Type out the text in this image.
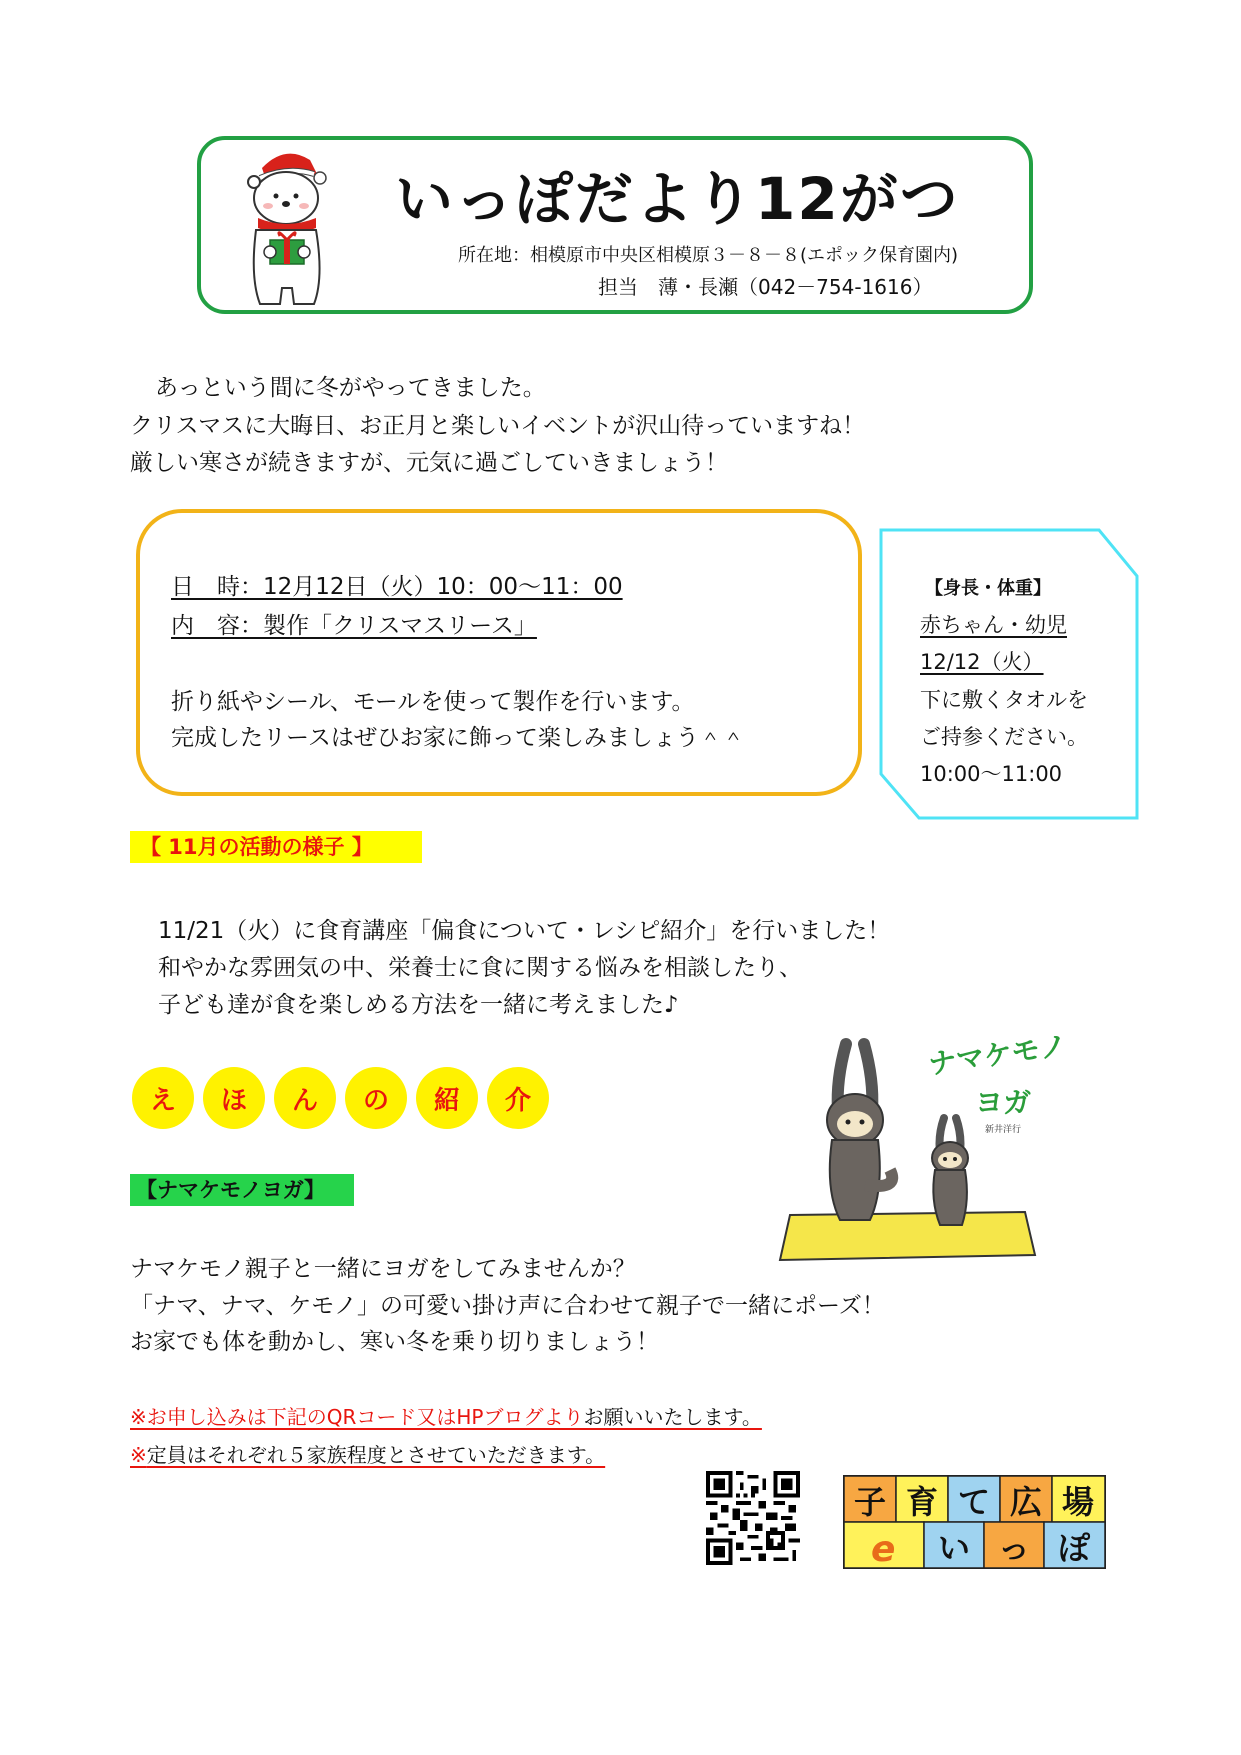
いっぽだより12がつ
所在地：相模原市中央区相模原３－８－８(エポック保育園内)
担当　薄・長瀬（042－754-1616）
あっという間に冬がやってきました。
クリスマスに大晦日、お正月と楽しいイベントが沢山待っていますね！
厳しい寒さが続きますが、元気に過ごしていきましょう！
日　時：12月12日（火）10：00～11：00
内　容：製作「クリスマスリース」
折り紙やシール、モールを使って製作を行います。
完成したリースはぜひお家に飾って楽しみましょう＾＾
【身長・体重】
赤ちゃん・幼児
12/12（火）
下に敷くタオルを
ご持参ください。
10:00～11:00
【 11月の活動の様子 】
11/21（火）に食育講座「偏食について・レシピ紹介」を行いました！
和やかな雰囲気の中、栄養士に食に関する悩みを相談したり、
子ども達が食を楽しめる方法を一緒に考えました♪
え	ほ	ん	の	紹	介
ナマケモノ
ヨガ
新井洋行
【ナマケモノヨガ】
ナマケモノ親子と一緒にヨガをしてみませんか？
「ナマ、ナマ、ケモノ」の可愛い掛け声に合わせて親子で一緒にポーズ！
お家でも体を動かし、寒い冬を乗り切りましょう！
※お申し込みは下記のQRコード又はHPブログよりお願いいたします。
※定員はそれぞれ５家族程度とさせていただきます。
子 育 て 広 場
い っ ぽ
e
